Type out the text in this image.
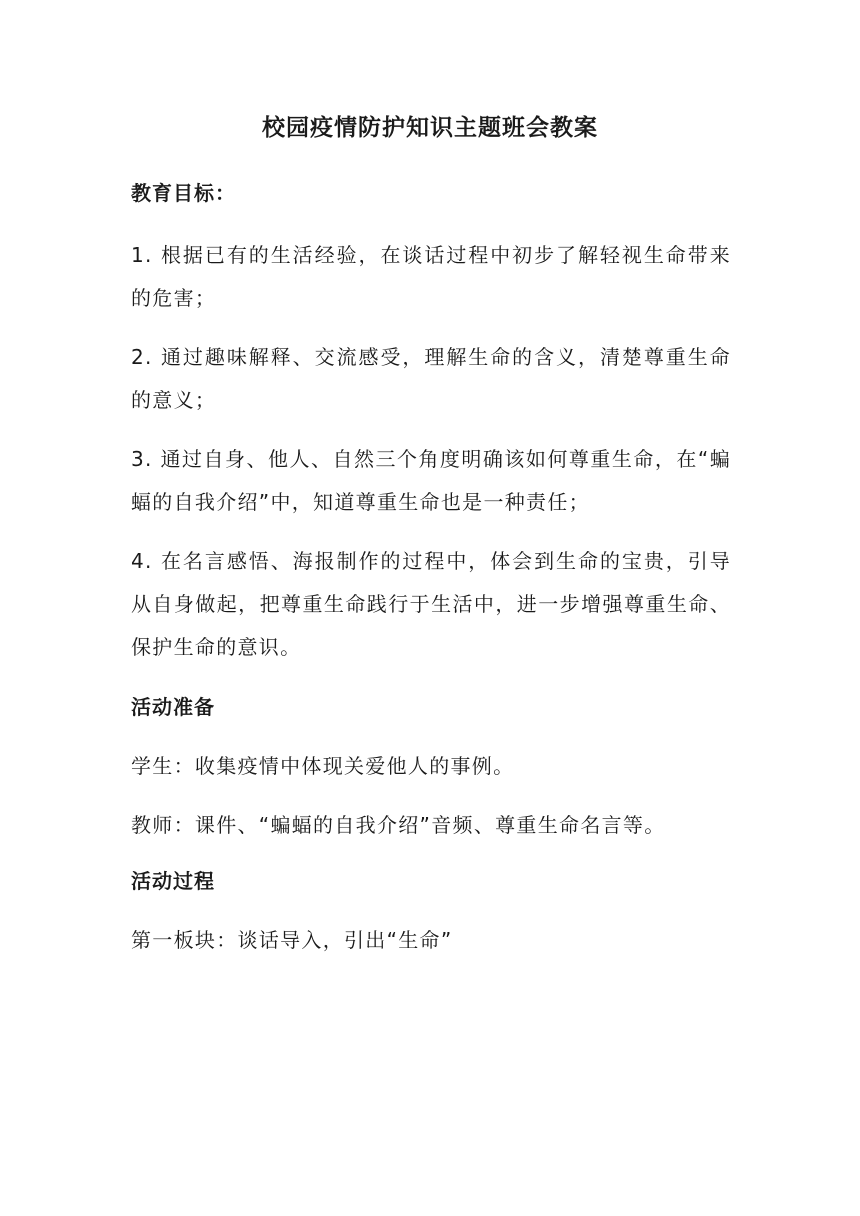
校园疫情防护知识主题班会教案

教育目标：

1. 根据已有的生活经验，在谈话过程中初步了解轻视生命带来的危害；

2. 通过趣味解释、交流感受，理解生命的含义，清楚尊重生命的意义；

3. 通过自身、他人、自然三个角度明确该如何尊重生命，在“蝙蝠的自我介绍”中，知道尊重生命也是一种责任；

4. 在名言感悟、海报制作的过程中，体会到生命的宝贵，引导从自身做起，把尊重生命践行于生活中，进一步增强尊重生命、保护生命的意识。

活动准备

学生：收集疫情中体现关爱他人的事例。

教师：课件、“蝙蝠的自我介绍”音频、尊重生命名言等。

活动过程

第一板块：谈话导入，引出“生命”
